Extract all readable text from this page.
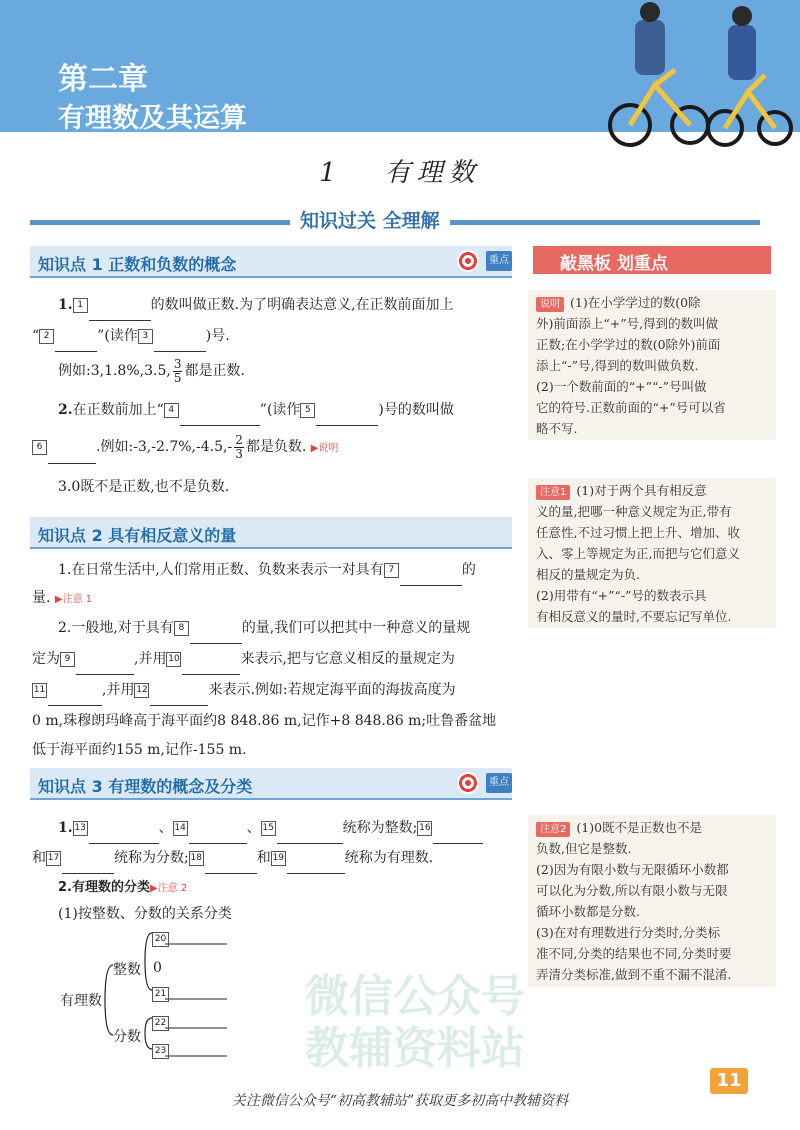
第二章
有理数及其运算
1 有理数
知识过关 全理解
敲黑板 划重点
知识点 1 正数和负数的概念	重点
1. 1	的数叫做正数.为了明确表达意义,在正数前面加上
“ 2	”(读作 3	)号.
例如:3,1.8%,3.5, $\frac{3}{5}$ 都是正数.
2.在正数前加上“ 4	”(读作 5	)号的数叫做
6	.例如:-3,-2.7%,-4.5,- $\frac{2}{3}$ 都是负数. ▶说明
3.0既不是正数,也不是负数.
知识点 2 具有相反意义的量
1.在日常生活中,人们常用正数、负数来表示一对具有 7	的
量. ▶注意 1
2.一般地,对于具有 8	的量,我们可以把其中一种意义的量规
定为 9	,并用 10	来表示,把与它意义相反的量规定为
11	,并用 12	来表示.例如:若规定海平面的海拔高度为
0 m,珠穆朗玛峰高于海平面约8 848.86 m,记作+8 848.86 m;吐鲁番盆地
低于海平面约155 m,记作-155 m.
知识点 3 有理数的概念及分类	重点
1. 13	、 14	、 15	统称为整数; 16
和 17	统称为分数; 18	和 19	统称为有理数.
2.有理数的分类▶注意 2
(1)按整数、分数的关系分类
有理数
整数 0
分数
20
21
22
23
说明 (1)在小学学过的数(0除
外)前面添上“+”号,得到的数叫做
正数;在小学学过的数(0除外)前面
添上“-”号,得到的数叫做负数.
(2)一个数前面的“+”“-”号叫做
它的符号.正数前面的“+”号可以省
略不写.
注意1 (1)对于两个具有相反意
义的量,把哪一种意义规定为正,带有
任意性,不过习惯上把上升、增加、收
入、零上等规定为正,而把与它们意义
相反的量规定为负.
(2)用带有“+”“-”号的数表示具
有相反意义的量时,不要忘记写单位.
注意2 (1)0既不是正数也不是
负数,但它是整数.
(2)因为有限小数与无限循环小数都
可以化为分数,所以有限小数与无限
循环小数都是分数.
(3)在对有理数进行分类时,分类标
准不同,分类的结果也不同,分类时要
弄清分类标准,做到不重不漏不混淆.
微信公众号
教辅资料站
11
关注微信公众号“初高教辅站”获取更多初高中教辅资料
